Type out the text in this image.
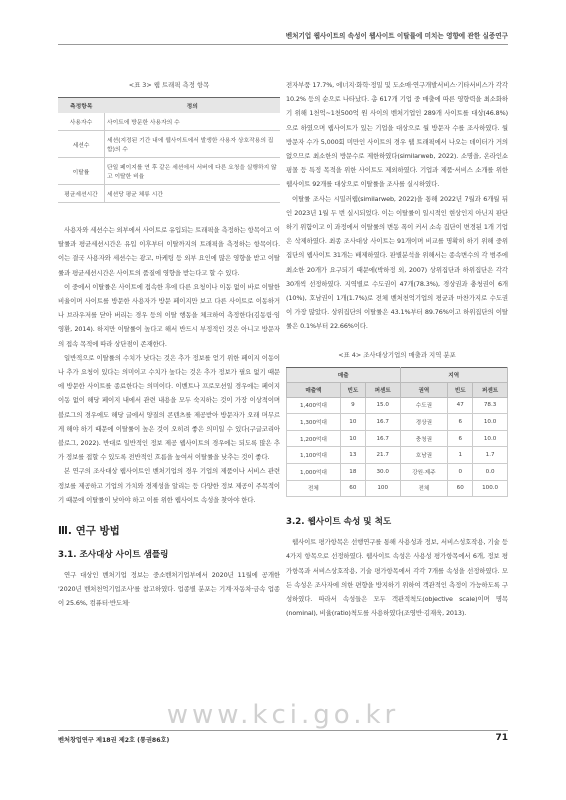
벤처기업 웹사이트의 속성이 웹사이트 이탈률에 미치는 영향에 관한 실증연구
<표 3> 웹 트래픽 측정 항목
측정항목	정의
사용자수	사이트에 방문한 사용자의 수
세션수	세션(지정된 기간 내에 웹사이트에서 발생한 사용자 상호작용의 집합)의 수
이탈률	단일 페이지를 연 후 같은 세션에서 서버에 다른 요청을 실행하지 않고 이탈한 비율
평균세션시간	세션당 평균 체류 시간

사용자와 세션수는 외부에서 사이트로 유입되는 트래픽을 측정하는 항목이고 이탈률과 평균세션시간은 유입 이후부터 이탈까지의 트래픽을 측정하는 항목이다. 이는 결국 사용자와 세션수는 광고, 마케팅 등 외부 요인에 많은 영향을 받고 이탈률과 평균세션시간은 사이트의 품질에 영향을 받는다고 할 수 있다.

이 중에서 이탈률은 사이트에 접속한 후에 다른 요청이나 이동 없이 바로 이탈한 비율이며 사이트를 방문한 사용자가 방문 페이지만 보고 다른 사이트로 이동하거나 브라우저를 닫아 버리는 경우 등의 이탈 행동을 체크하여 측정한다(김동림·임영환, 2014). 하지만 이탈률이 높다고 해서 반드시 부정적인 것은 아니고 방문자의 접속 목적에 따라 상단점이 존재한다.

일반적으로 이탈률의 수치가 낮다는 것은 추가 정보를 얻기 위한 페이지 이동이나 추가 요청이 있다는 의미이고 수치가 높다는 것은 추가 정보가 필요 없기 때문에 방문한 사이트를 종료한다는 의미이다. 이벤트나 프로모션일 경우에는 페이지 이동 없이 해당 페이지 내에서 관련 내용을 모두 숙지하는 것이 가장 이상적이며 블로그의 경우에도 해당 글에서 양질의 콘텐츠를 제공받아 방문자가 오래 머무르게 해야 하기 때문에 이탈률이 높은 것이 오히려 좋은 의미일 수 있다(구글코리아블로그, 2022). 반대로 일반적인 정보 제공 웹사이트의 경우에는 되도록 많은 추가 정보를 접할 수 있도록 전반적인 흐름을 높여서 이탈률을 낮추는 것이 좋다.

본 연구의 조사대상 웹사이트인 벤처기업의 경우 기업의 제품이나 서비스 관련 정보를 제공하고 기업의 가치와 경제성을 알리는 등 다양한 정보 제공이 주목적이기 때문에 이탈률이 낮아야 하고 이를 위한 웹사이트 속성을 찾아야 한다.

Ⅲ. 연구 방법
3.1. 조사대상 사이트 샘플링

연구 대상인 벤처기업 정보는 중소벤처기업부에서 2020년 11월에 공개한 '2020년 벤처천억기업조사'를 참고하였다. 업종별 분포는 기계·자동차·금속 업종이 25.6%, 컴퓨터·반도체·

전자부품 17.7%, 에너지·화학·정밀 및 도소매·연구개발서비스·기타서비스가 각각 10.2% 등의 순으로 나타났다. 총 617개 기업 중 매출에 따른 영향력을 최소화하기 위해 1천억~1천500억 원 사이의 벤처기업인 289개 사이트를 대상(46.8%)으로 하였으며 웹사이트가 있는 기업을 대상으로 월 방문자 수를 조사하였다. 월 방문자 수가 5,000회 미만인 사이트의 경우 웹 트래픽에서 나오는 데이터가 거의 없으므로 최소한의 방문수로 제한하였다(similarweb, 2022). 소명을, 온라인쇼핑몰 등 특정 목적을 위한 사이트도 제외하였다. 기업과 제품·서비스 소개를 위한 웹사이트 92개를 대상으로 이탈률을 조사를 실시하였다.

이탈률 조사는 시밀러웹(similarweb, 2022)을 통해 2022년 7월과 6개월 뒤인 2023년 1월 두 번 실시되었다. 이는 이탈률이 일시적인 현상인지 아닌지 판단하기 위함이고 이 과정에서 이탈률의 변동 폭이 커서 소속 집단이 변경된 1개 기업은 삭제하였다. 최종 조사대상 사이트는 91개이며 비교를 명확히 하기 위해 중위 집단의 웹사이트 31개는 배제하였다. 판별분석을 위해서는 종속변수의 각 범주에 최소한 20개가 요구되기 때문에(박하정 외, 2007) 상위집단과 하위집단은 각각 30개씩 선정하였다. 지역별로 수도권이 47개(78.3%), 경상권과 충청권이 6개(10%), 호남권이 1개(1.7%)로 전체 벤처천억기업의 평균과 마찬가지로 수도권이 가장 많았다. 상위집단의 이탈률은 43.1%부터 89.76%이고 하위집단의 이탈률은 0.1%부터 22.66%이다.

<표 4> 조사대상기업의 매출과 지역 분포
매출			지역		
매출액	빈도	퍼센트	권역	빈도	퍼센트
1,400억대	9	15.0	수도권	47	78.3
1,300억대	10	16.7	경상권	6	10.0
1,200억대	10	16.7	충청권	6	10.0
1,100억대	13	21.7	호남권	1	1.7
1,000억대	18	30.0	강원·제주	0	0.0
전체	60	100	전체	60	100.0
3.2. 웹사이트 속성 및 척도

웹사이트 평가항목은 선행연구를 통해 사용성과 정보, 서비스성호작용, 기술 등 4가지 항목으로 선정하였다. 웹사이트 속성은 사용성 평가항목에서 6개, 정보 평가항목과 서비스상호작용, 기술 평가항목에서 각각 7개를 속성을 선정하였다. 모든 속성은 조사자에 의한 편향을 방지하기 위하여 객관적인 측정이 가능하도록 구성하였다. 따라서 속성들은 모두 객관적척도(objective scale)이며 명목(nominal), 비율(ratio)척도를 사용하였다(조영반·김재욱, 2013).

www.kci.go.kr
벤처창업연구 제18권 제2호 (통권86호)	71
